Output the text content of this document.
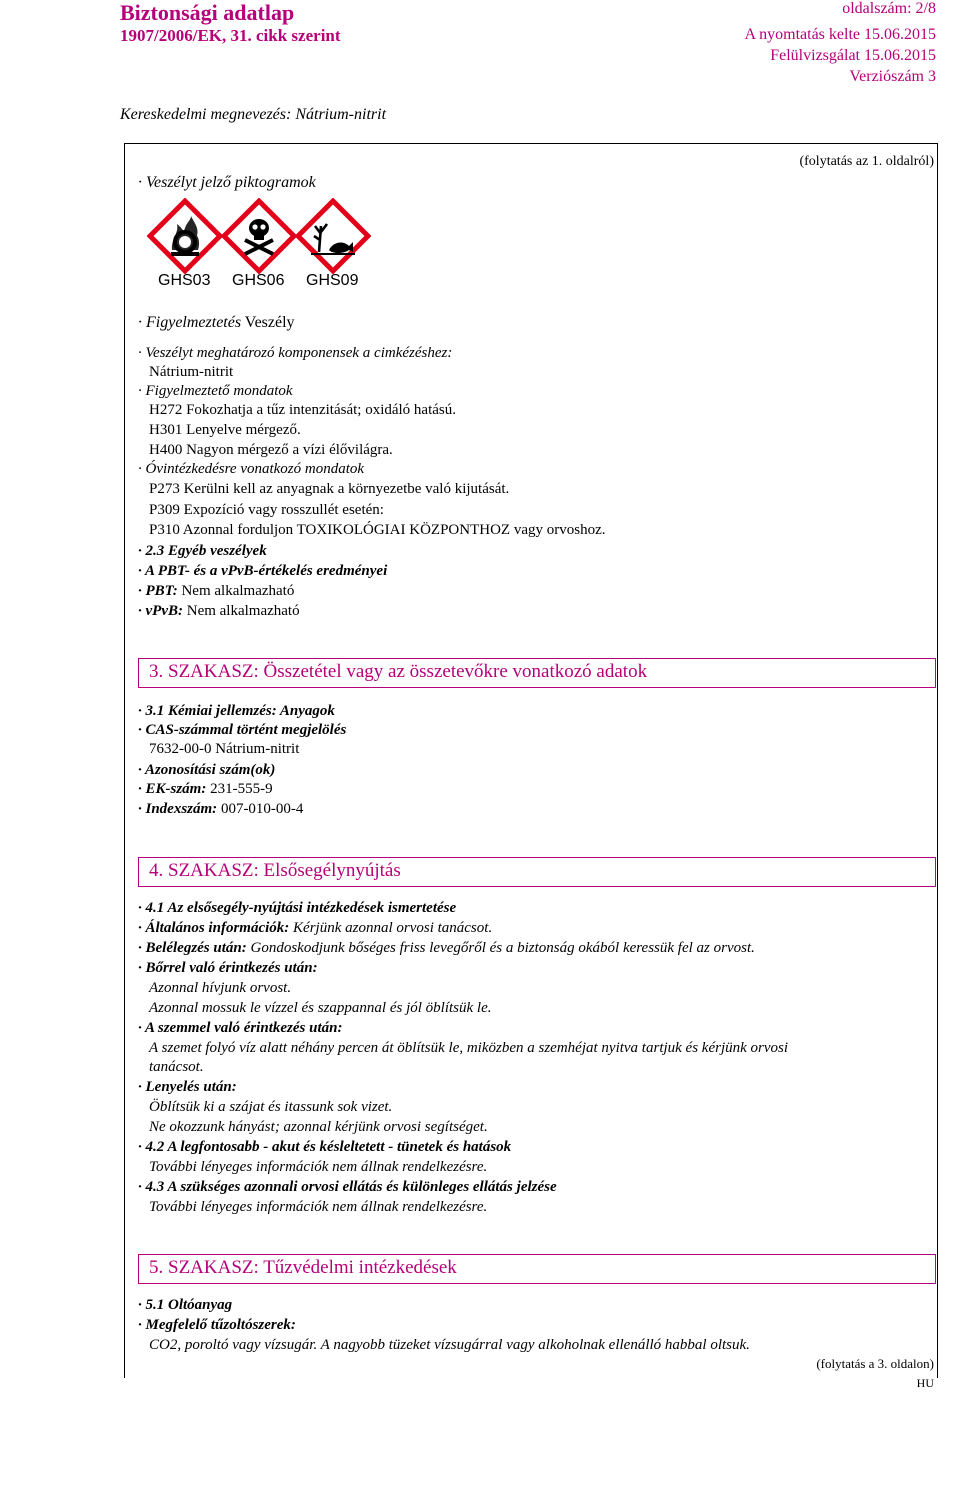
Biztonsági adatlap
1907/2006/EK, 31. cikk szerint
oldalszám: 2/8
A nyomtatás kelte 15.06.2015
Felülvizsgálat 15.06.2015
Verziószám 3
Kereskedelmi megnevezés: Nátrium-nitrit
(folytatás az 1. oldalról)
· Veszélyt jelző piktogramok
GHS03 GHS06 GHS09
· Figyelmeztetés Veszély
· Veszélyt meghatározó komponensek a cimkézéshez:
Nátrium-nitrit
· Figyelmeztető mondatok
H272 Fokozhatja a tűz intenzitását; oxidáló hatású.
H301 Lenyelve mérgező.
H400 Nagyon mérgező a vízi élővilágra.
· Óvintézkedésre vonatkozó mondatok
P273 Kerülni kell az anyagnak a környezetbe való kijutását.
P309 Expozíció vagy rosszullét esetén:
P310 Azonnal forduljon TOXIKOLÓGIAI KÖZPONTHOZ vagy orvoshoz.
· 2.3 Egyéb veszélyek
· A PBT- és a vPvB-értékelés eredményei
· PBT: Nem alkalmazható
· vPvB: Nem alkalmazható
3. SZAKASZ: Összetétel vagy az összetevőkre vonatkozó adatok
· 3.1 Kémiai jellemzés: Anyagok
· CAS-számmal történt megjelölés
7632-00-0 Nátrium-nitrit
· Azonosítási szám(ok)
· EK-szám: 231-555-9
· Indexszám: 007-010-00-4
4. SZAKASZ: Elsősegélynyújtás
· 4.1 Az elsősegély-nyújtási intézkedések ismertetése
· Általános információk: Kérjünk azonnal orvosi tanácsot.
· Belélegzés után: Gondoskodjunk bőséges friss levegőről és a biztonság okából keressük fel az orvost.
· Bőrrel való érintkezés után:
Azonnal hívjunk orvost.
Azonnal mossuk le vízzel és szappannal és jól öblítsük le.
· A szemmel való érintkezés után:
A szemet folyó víz alatt néhány percen át öblítsük le, miközben a szemhéjat nyitva tartjuk és kérjünk orvosi
tanácsot.
· Lenyelés után:
Öblítsük ki a szájat és itassunk sok vizet.
Ne okozzunk hányást; azonnal kérjünk orvosi segítséget.
· 4.2 A legfontosabb - akut és késleltetett - tünetek és hatások
További lényeges információk nem állnak rendelkezésre.
· 4.3 A szükséges azonnali orvosi ellátás és különleges ellátás jelzése
További lényeges információk nem állnak rendelkezésre.
5. SZAKASZ: Tűzvédelmi intézkedések
· 5.1 Oltóanyag
· Megfelelő tűzoltószerek:
CO2, poroltó vagy vízsugár. A nagyobb tüzeket vízsugárral vagy alkoholnak ellenálló habbal oltsuk.
(folytatás a 3. oldalon)
HU
